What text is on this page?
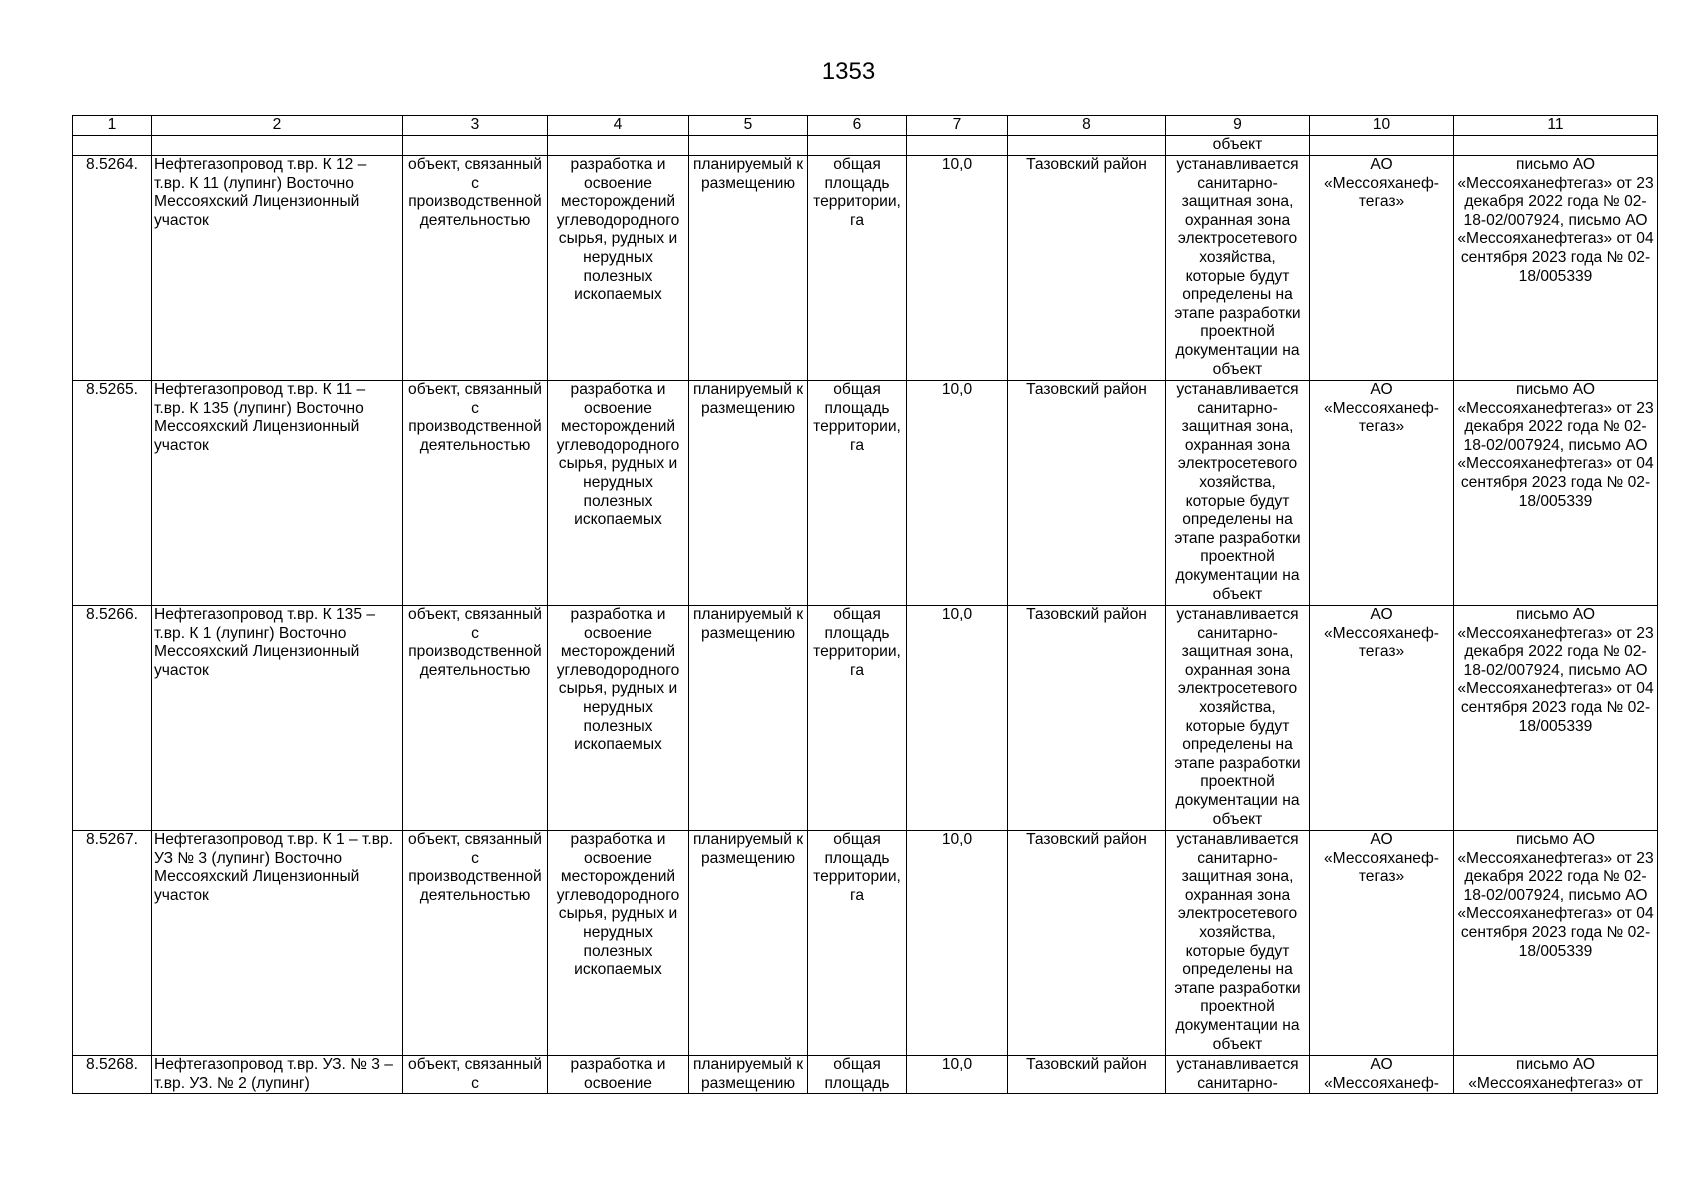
1353
1	2	3	4	5	6	7	8	9	10	11
								объект		
8.5264.	Нефтегазопровод т.вр. К 12 – т.вр. К 11 (лупинг) Восточно Мессояхский Лицензионный участок	объект, связанный с производственной деятельностью	разработка и освоение месторождений углеводородного сырья, рудных и нерудных полезных ископаемых	планируемый к размещению	общая площадь территории, га	10,0	Тазовский район	устанавливается санитарно-защитная зона, охранная зона электросетевого хозяйства, которые будут определены на этапе разработки проектной документации на объект	АО «Мессояханеф-тегаз»	письмо АО «Мессояханефтегаз» от 23 декабря 2022 года № 02-18-02/007924, письмо АО «Мессояханефтегаз» от 04 сентября 2023 года № 02-18/005339
8.5265.	Нефтегазопровод т.вр. К 11 – т.вр. К 135 (лупинг) Восточно Мессояхский Лицензионный участок	объект, связанный с производственной деятельностью	разработка и освоение месторождений углеводородного сырья, рудных и нерудных полезных ископаемых	планируемый к размещению	общая площадь территории, га	10,0	Тазовский район	устанавливается санитарно-защитная зона, охранная зона электросетевого хозяйства, которые будут определены на этапе разработки проектной документации на объект	АО «Мессояханеф-тегаз»	письмо АО «Мессояханефтегаз» от 23 декабря 2022 года № 02-18-02/007924, письмо АО «Мессояханефтегаз» от 04 сентября 2023 года № 02-18/005339
8.5266.	Нефтегазопровод т.вр. К 135 – т.вр. К 1 (лупинг) Восточно Мессояхский Лицензионный участок	объект, связанный с производственной деятельностью	разработка и освоение месторождений углеводородного сырья, рудных и нерудных полезных ископаемых	планируемый к размещению	общая площадь территории, га	10,0	Тазовский район	устанавливается санитарно-защитная зона, охранная зона электросетевого хозяйства, которые будут определены на этапе разработки проектной документации на объект	АО «Мессояханеф-тегаз»	письмо АО «Мессояханефтегаз» от 23 декабря 2022 года № 02-18-02/007924, письмо АО «Мессояханефтегаз» от 04 сентября 2023 года № 02-18/005339
8.5267.	Нефтегазопровод т.вр. К 1 – т.вр. УЗ № 3 (лупинг) Восточно Мессояхский Лицензионный участок	объект, связанный с производственной деятельностью	разработка и освоение месторождений углеводородного сырья, рудных и нерудных полезных ископаемых	планируемый к размещению	общая площадь территории, га	10,0	Тазовский район	устанавливается санитарно-защитная зона, охранная зона электросетевого хозяйства, которые будут определены на этапе разработки проектной документации на объект	АО «Мессояханеф-тегаз»	письмо АО «Мессояханефтегаз» от 23 декабря 2022 года № 02-18-02/007924, письмо АО «Мессояханефтегаз» от 04 сентября 2023 года № 02-18/005339
8.5268.	Нефтегазопровод т.вр. УЗ. № 3 – т.вр. УЗ. № 2 (лупинг)	объект, связанный с	разработка и освоение	планируемый к размещению	общая площадь	10,0	Тазовский район	устанавливается санитарно-	АО «Мессояханеф-	письмо АО «Мессояханефтегаз» от
